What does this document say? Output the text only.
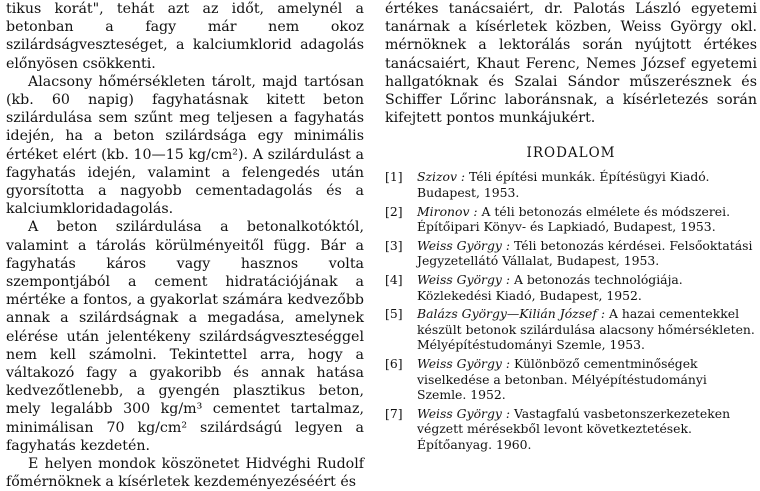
tikus korát", tehát azt az időt, amelynél a betonban a fagy már nem okoz szilárdságveszteséget, a kalciumklorid adagolás előnyösen csökkenti.

Alacsony hőmérsékleten tárolt, majd tartósan (kb. 60 napig) fagyhatásnak kitett beton szilárdulása sem szűnt meg teljesen a fagyhatás idején, ha a beton szilárdsága egy minimális értéket elért (kb. 10—15 kg/cm²). A szilárdulást a fagyhatás idején, valamint a felengedés után gyorsította a nagyobb cementadagolás és a kalciumkloridadagolás.

A beton szilárdulása a betonalkotóktól, valamint a tárolás körülményeitől függ. Bár a fagyhatás káros vagy hasznos volta szempontjából a cement hidratációjának a mértéke a fontos, a gyakorlat számára kedvezőbb annak a szilárdságnak a megadása, amelynek elérése után jelentékeny szilárdságveszteséggel nem kell számolni. Tekintettel arra, hogy a váltakozó fagy a gyakoribb és annak hatása kedvezőtlenebb, a gyengén plasztikus beton, mely legalább 300 kg/m³ cementet tartalmaz, minimálisan 70 kg/cm² szilárdságú legyen a fagyhatás kezdetén.

E helyen mondok köszönetet Hidvéghi Rudolf főmérnöknek a kísérletek kezdeményezéséért és

értékes tanácsaiért, dr. Palotás László egyetemi tanárnak a kísérletek közben, Weiss György okl. mérnöknek a lektorálás során nyújtott értékes tanácsaiért, Khaut Ferenc, Nemes József egyetemi hallgatóknak és Szalai Sándor műszerésznek és Schiffer Lőrinc laboránsnak, a kísérletezés során kifejtett pontos munkájukért.

IRODALOM
[1] Szizov : Téli építési munkák. Építésügyi Kiadó. Budapest, 1953.
[2] Mironov : A téli betonozás elmélete és módszerei. Építőipari Könyv- és Lapkiadó, Budapest, 1953.
[3] Weiss György : Téli betonozás kérdései. Felsőoktatási Jegyzetellátó Vállalat, Budapest, 1953.
[4] Weiss György : A betonozás technológiája. Közlekedési Kiadó, Budapest, 1952.
[5] Balázs György—Kilián József : A hazai cementekkel készült betonok szilárdulása alacsony hőmérsékleten. Mélyépítéstudományi Szemle, 1953.
[6] Weiss György : Különböző cementminőségek viselkedése a betonban. Mélyépítéstudományi Szemle. 1952.
[7] Weiss György : Vastagfalú vasbetonszerkezeteken végzett mérésekből levont következtetések. Építőanyag. 1960.
